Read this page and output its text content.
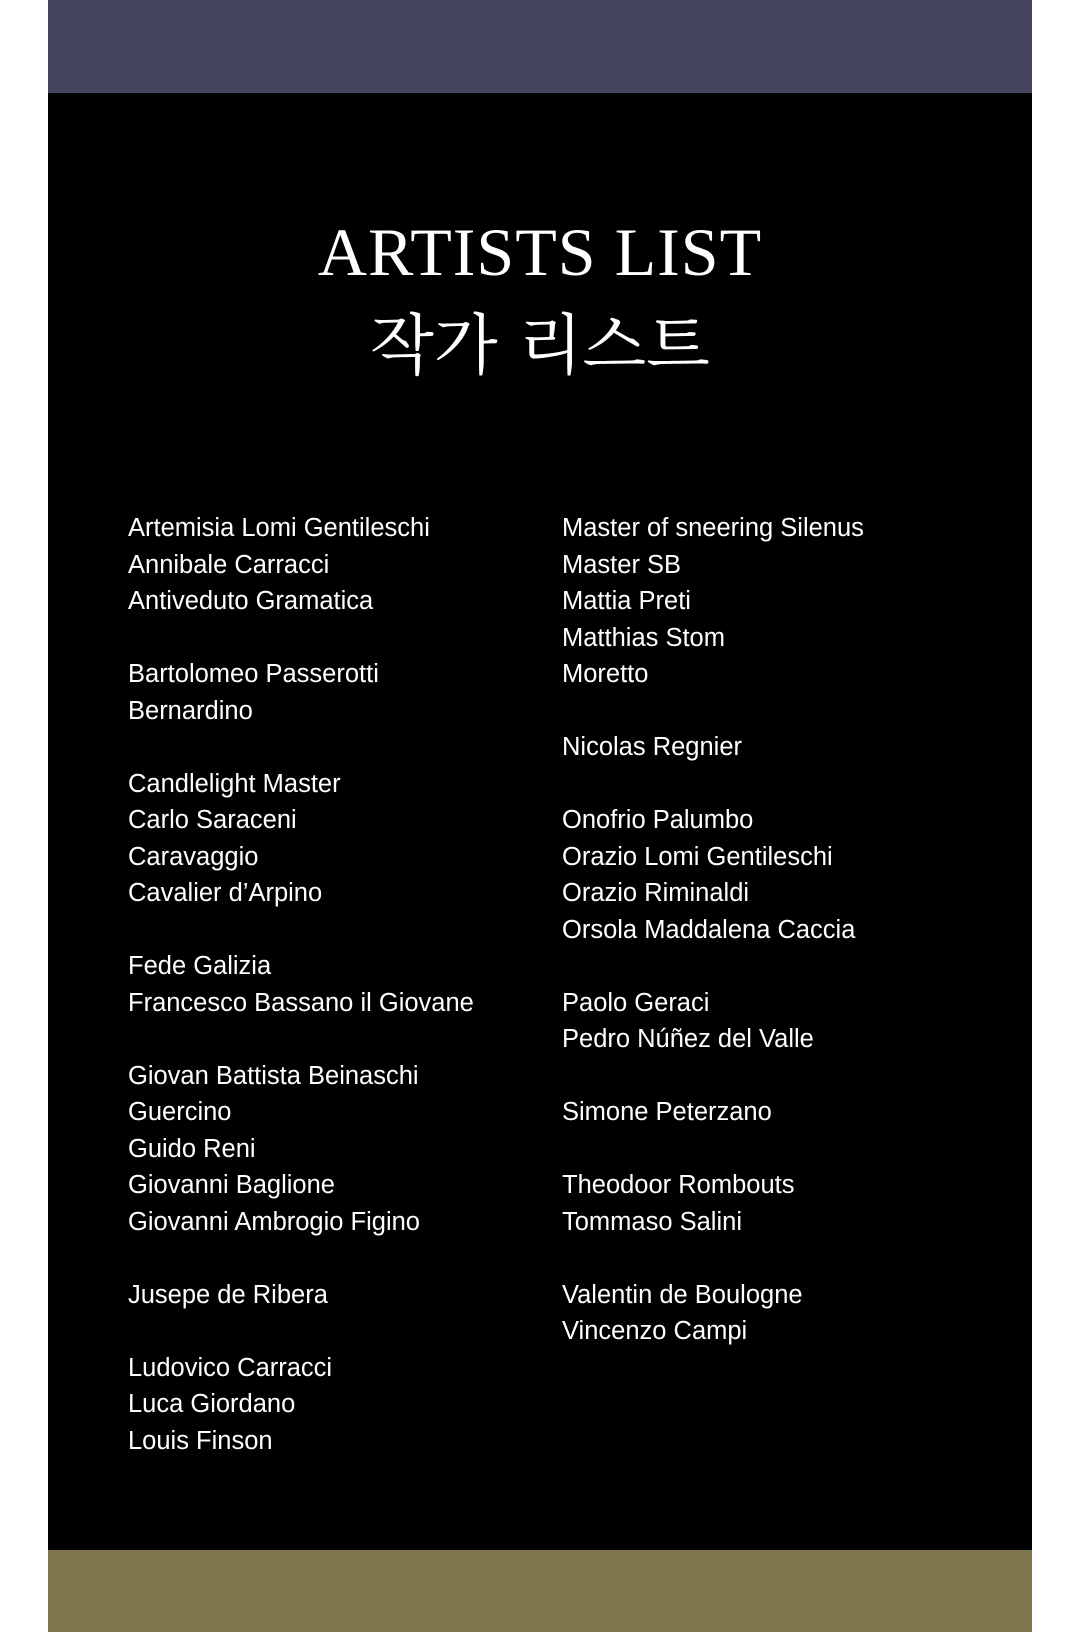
ARTISTS LIST
작가 리스트
Artemisia Lomi Gentileschi
Annibale Carracci
Antiveduto Gramatica
Bartolomeo Passerotti
Bernardino
Candlelight Master
Carlo Saraceni
Caravaggio
Cavalier d’Arpino
Fede Galizia
Francesco Bassano il Giovane
Giovan Battista Beinaschi
Guercino
Guido Reni
Giovanni Baglione
Giovanni Ambrogio Figino
Jusepe de Ribera
Ludovico Carracci
Luca Giordano
Louis Finson
Master of sneering Silenus
Master SB
Mattia Preti
Matthias Stom
Moretto
Nicolas Regnier
Onofrio Palumbo
Orazio Lomi Gentileschi
Orazio Riminaldi
Orsola Maddalena Caccia
Paolo Geraci
Pedro Núñez del Valle
Simone Peterzano
Theodoor Rombouts
Tommaso Salini
Valentin de Boulogne
Vincenzo Campi
